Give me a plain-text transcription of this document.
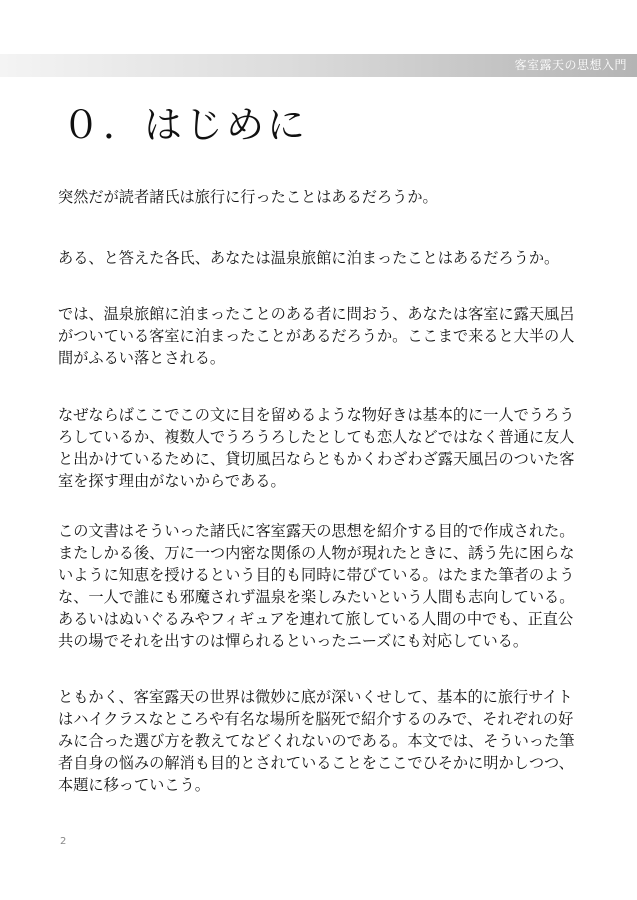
客室露天の思想入門
０．はじめに

突然だが読者諸氏は旅行に行ったことはあるだろうか。

ある、と答えた各氏、あなたは温泉旅館に泊まったことはあるだろうか。

では、温泉旅館に泊まったことのある者に問おう、あなたは客室に露天風呂がついている客室に泊まったことがあるだろうか。ここまで来ると大半の人間がふるい落とされる。

なぜならばここでこの文に目を留めるような物好きは基本的に一人でうろうろしているか、複数人でうろうろしたとしても恋人などではなく普通に友人と出かけているために、貸切風呂ならともかくわざわざ露天風呂のついた客室を探す理由がないからである。

この文書はそういった諸氏に客室露天の思想を紹介する目的で作成された。またしかる後、万に一つ内密な関係の人物が現れたときに、誘う先に困らないように知恵を授けるという目的も同時に帯びている。はたまた筆者のような、一人で誰にも邪魔されず温泉を楽しみたいという人間も志向している。あるいはぬいぐるみやフィギュアを連れて旅している人間の中でも、正直公共の場でそれを出すのは憚られるといったニーズにも対応している。

ともかく、客室露天の世界は微妙に底が深いくせして、基本的に旅行サイトはハイクラスなところや有名な場所を脳死で紹介するのみで、それぞれの好みに合った選び方を教えてなどくれないのである。本文では、そういった筆者自身の悩みの解消も目的とされていることをここでひそかに明かしつつ、本題に移っていこう。

2
